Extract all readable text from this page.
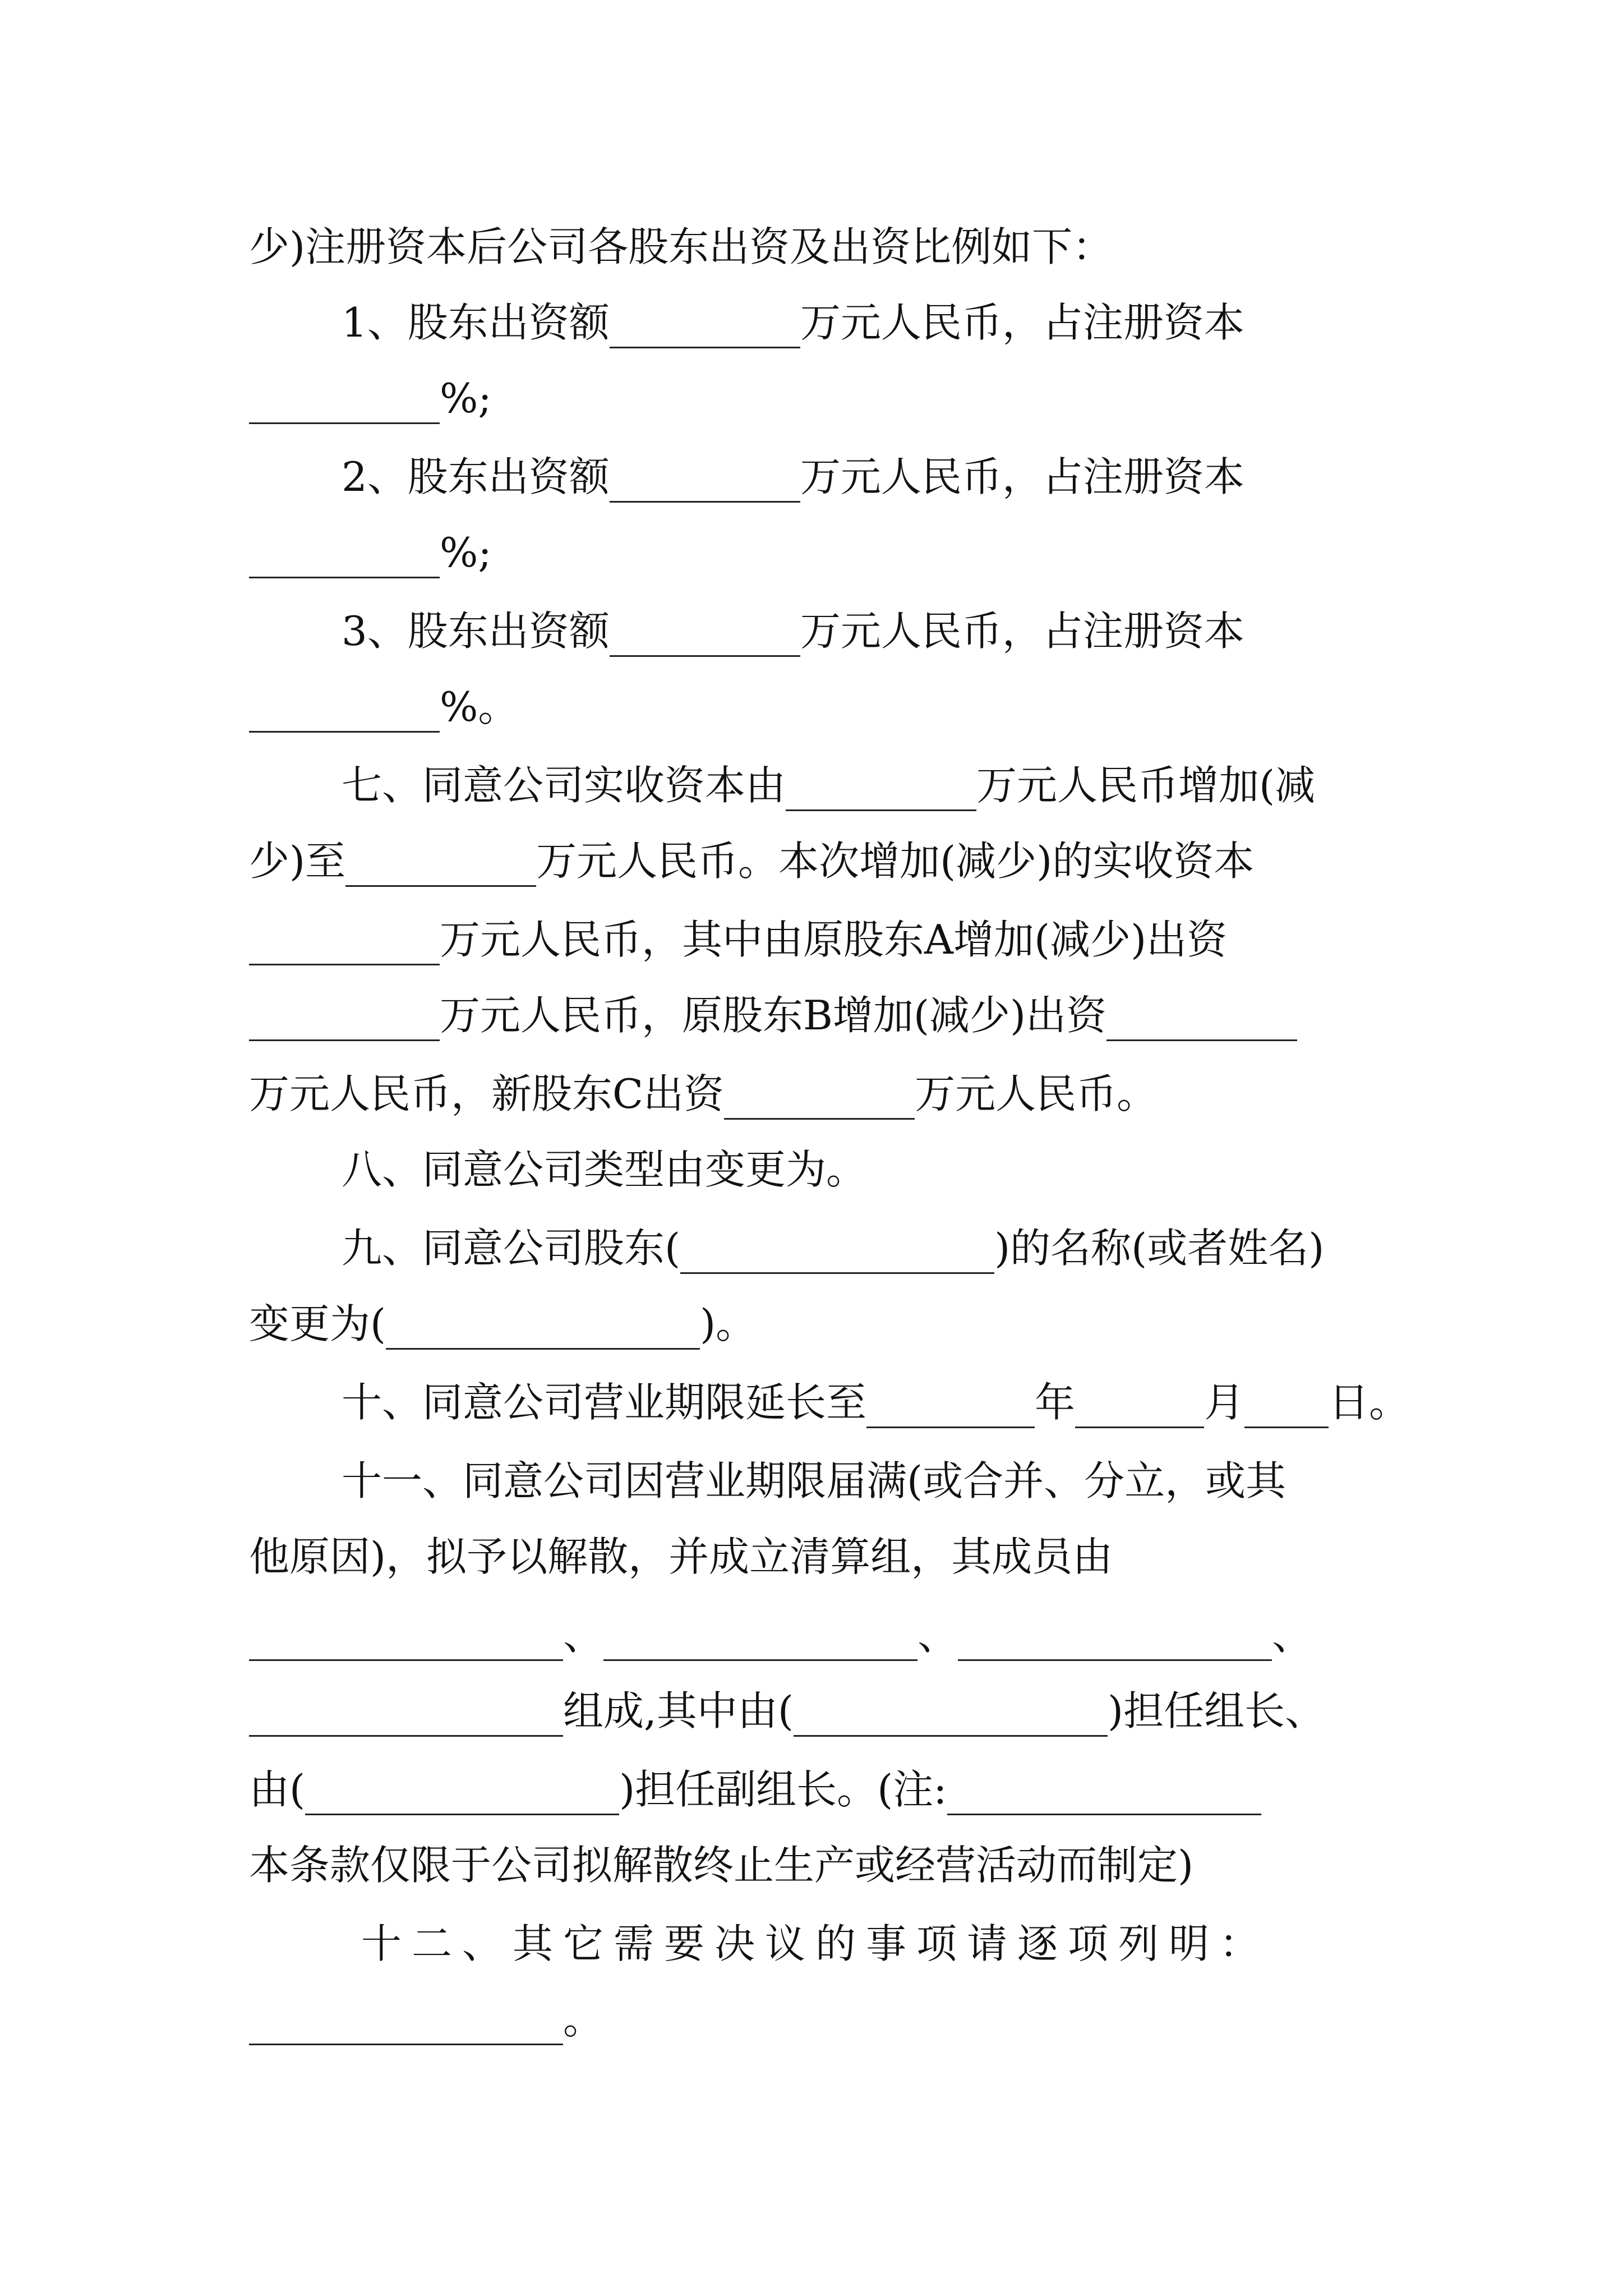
少)注册资本后公司各股东出资及出资比例如下：
1、股东出资额	万元人民币，占注册资本
%;
2、股东出资额	万元人民币，占注册资本
%;
3、股东出资额	万元人民币，占注册资本
%。
七、同意公司实收资本由	万元人民币增加(减
少)至	万元人民币。本次增加(减少)的实收资本
万元人民币，其中由原股东A增加(减少)出资
万元人民币，原股东B增加(减少)出资
万元人民币，新股东C出资	万元人民币。
八、同意公司类型由变更为。
九、同意公司股东(	)的名称(或者姓名)
变更为(	)。
十、同意公司营业期限延长至	年	月 日。
十一、同意公司因营业期限届满(或合并、分立，或其
他原因)，拟予以解散，并成立清算组，其成员由
、	、	、
组成,其中由(	)担任组长、
由(	)担任副组长。(注:
本条款仅限于公司拟解散终止生产或经营活动而制定)
十二、其它需要决议的事项请逐项列明：
。
